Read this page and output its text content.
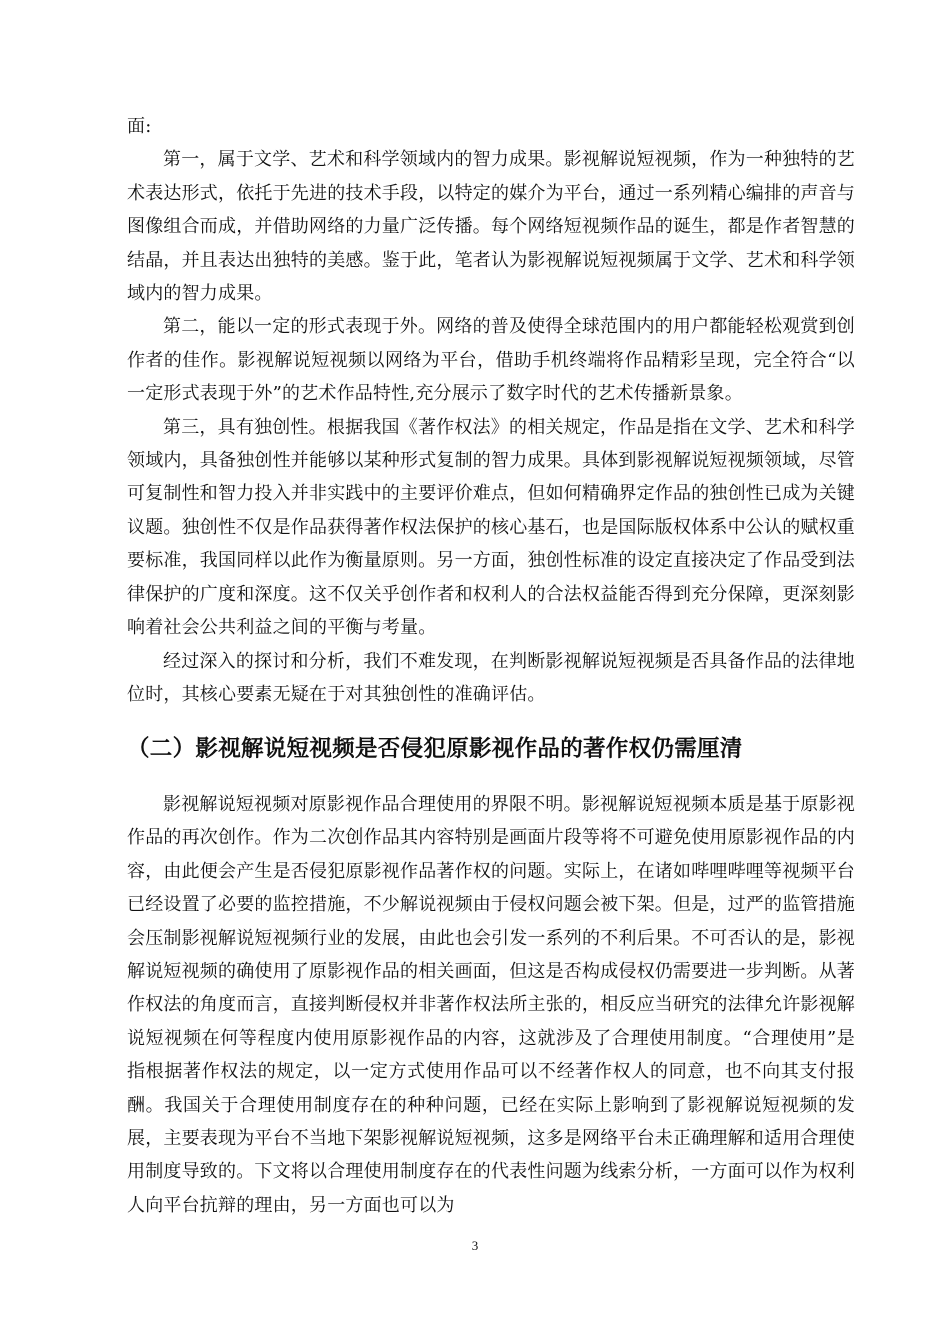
面:

第一，属于文学、艺术和科学领域内的智力成果。影视解说短视频，作为一种独特的艺术表达形式，依托于先进的技术手段，以特定的媒介为平台，通过一系列精心编排的声音与图像组合而成，并借助网络的力量广泛传播。每个网络短视频作品的诞生，都是作者智慧的结晶，并且表达出独特的美感。鉴于此，笔者认为影视解说短视频属于文学、艺术和科学领域内的智力成果。

第二，能以一定的形式表现于外。网络的普及使得全球范围内的用户都能轻松观赏到创作者的佳作。影视解说短视频以网络为平台，借助手机终端将作品精彩呈现，完全符合“以一定形式表现于外”的艺术作品特性,充分展示了数字时代的艺术传播新景象。

第三，具有独创性。根据我国《著作权法》的相关规定，作品是指在文学、艺术和科学领域内，具备独创性并能够以某种形式复制的智力成果。具体到影视解说短视频领域，尽管可复制性和智力投入并非实践中的主要评价难点，但如何精确界定作品的独创性已成为关键议题。独创性不仅是作品获得著作权法保护的核心基石，也是国际版权体系中公认的赋权重要标准，我国同样以此作为衡量原则。另一方面，独创性标准的设定直接决定了作品受到法律保护的广度和深度。这不仅关乎创作者和权利人的合法权益能否得到充分保障，更深刻影响着社会公共利益之间的平衡与考量。

经过深入的探讨和分析，我们不难发现，在判断影视解说短视频是否具备作品的法律地位时，其核心要素无疑在于对其独创性的准确评估。

（二）影视解说短视频是否侵犯原影视作品的著作权仍需厘清

影视解说短视频对原影视作品合理使用的界限不明。影视解说短视频本质是基于原影视作品的再次创作。作为二次创作品其内容特别是画面片段等将不可避免使用原影视作品的内容，由此便会产生是否侵犯原影视作品著作权的问题。实际上，在诸如哔哩哔哩等视频平台已经设置了必要的监控措施，不少解说视频由于侵权问题会被下架。但是，过严的监管措施会压制影视解说短视频行业的发展，由此也会引发一系列的不利后果。不可否认的是，影视解说短视频的确使用了原影视作品的相关画面，但这是否构成侵权仍需要进一步判断。从著作权法的角度而言，直接判断侵权并非著作权法所主张的，相反应当研究的法律允许影视解说短视频在何等程度内使用原影视作品的内容，这就涉及了合理使用制度。“合理使用”是指根据著作权法的规定，以一定方式使用作品可以不经著作权人的同意，也不向其支付报酬。我国关于合理使用制度存在的种种问题，已经在实际上影响到了影视解说短视频的发展，主要表现为平台不当地下架影视解说短视频，这多是网络平台未正确理解和适用合理使用制度导致的。下文将以合理使用制度存在的代表性问题为线索分析，一方面可以作为权利人向平台抗辩的理由，另一方面也可以为

3
